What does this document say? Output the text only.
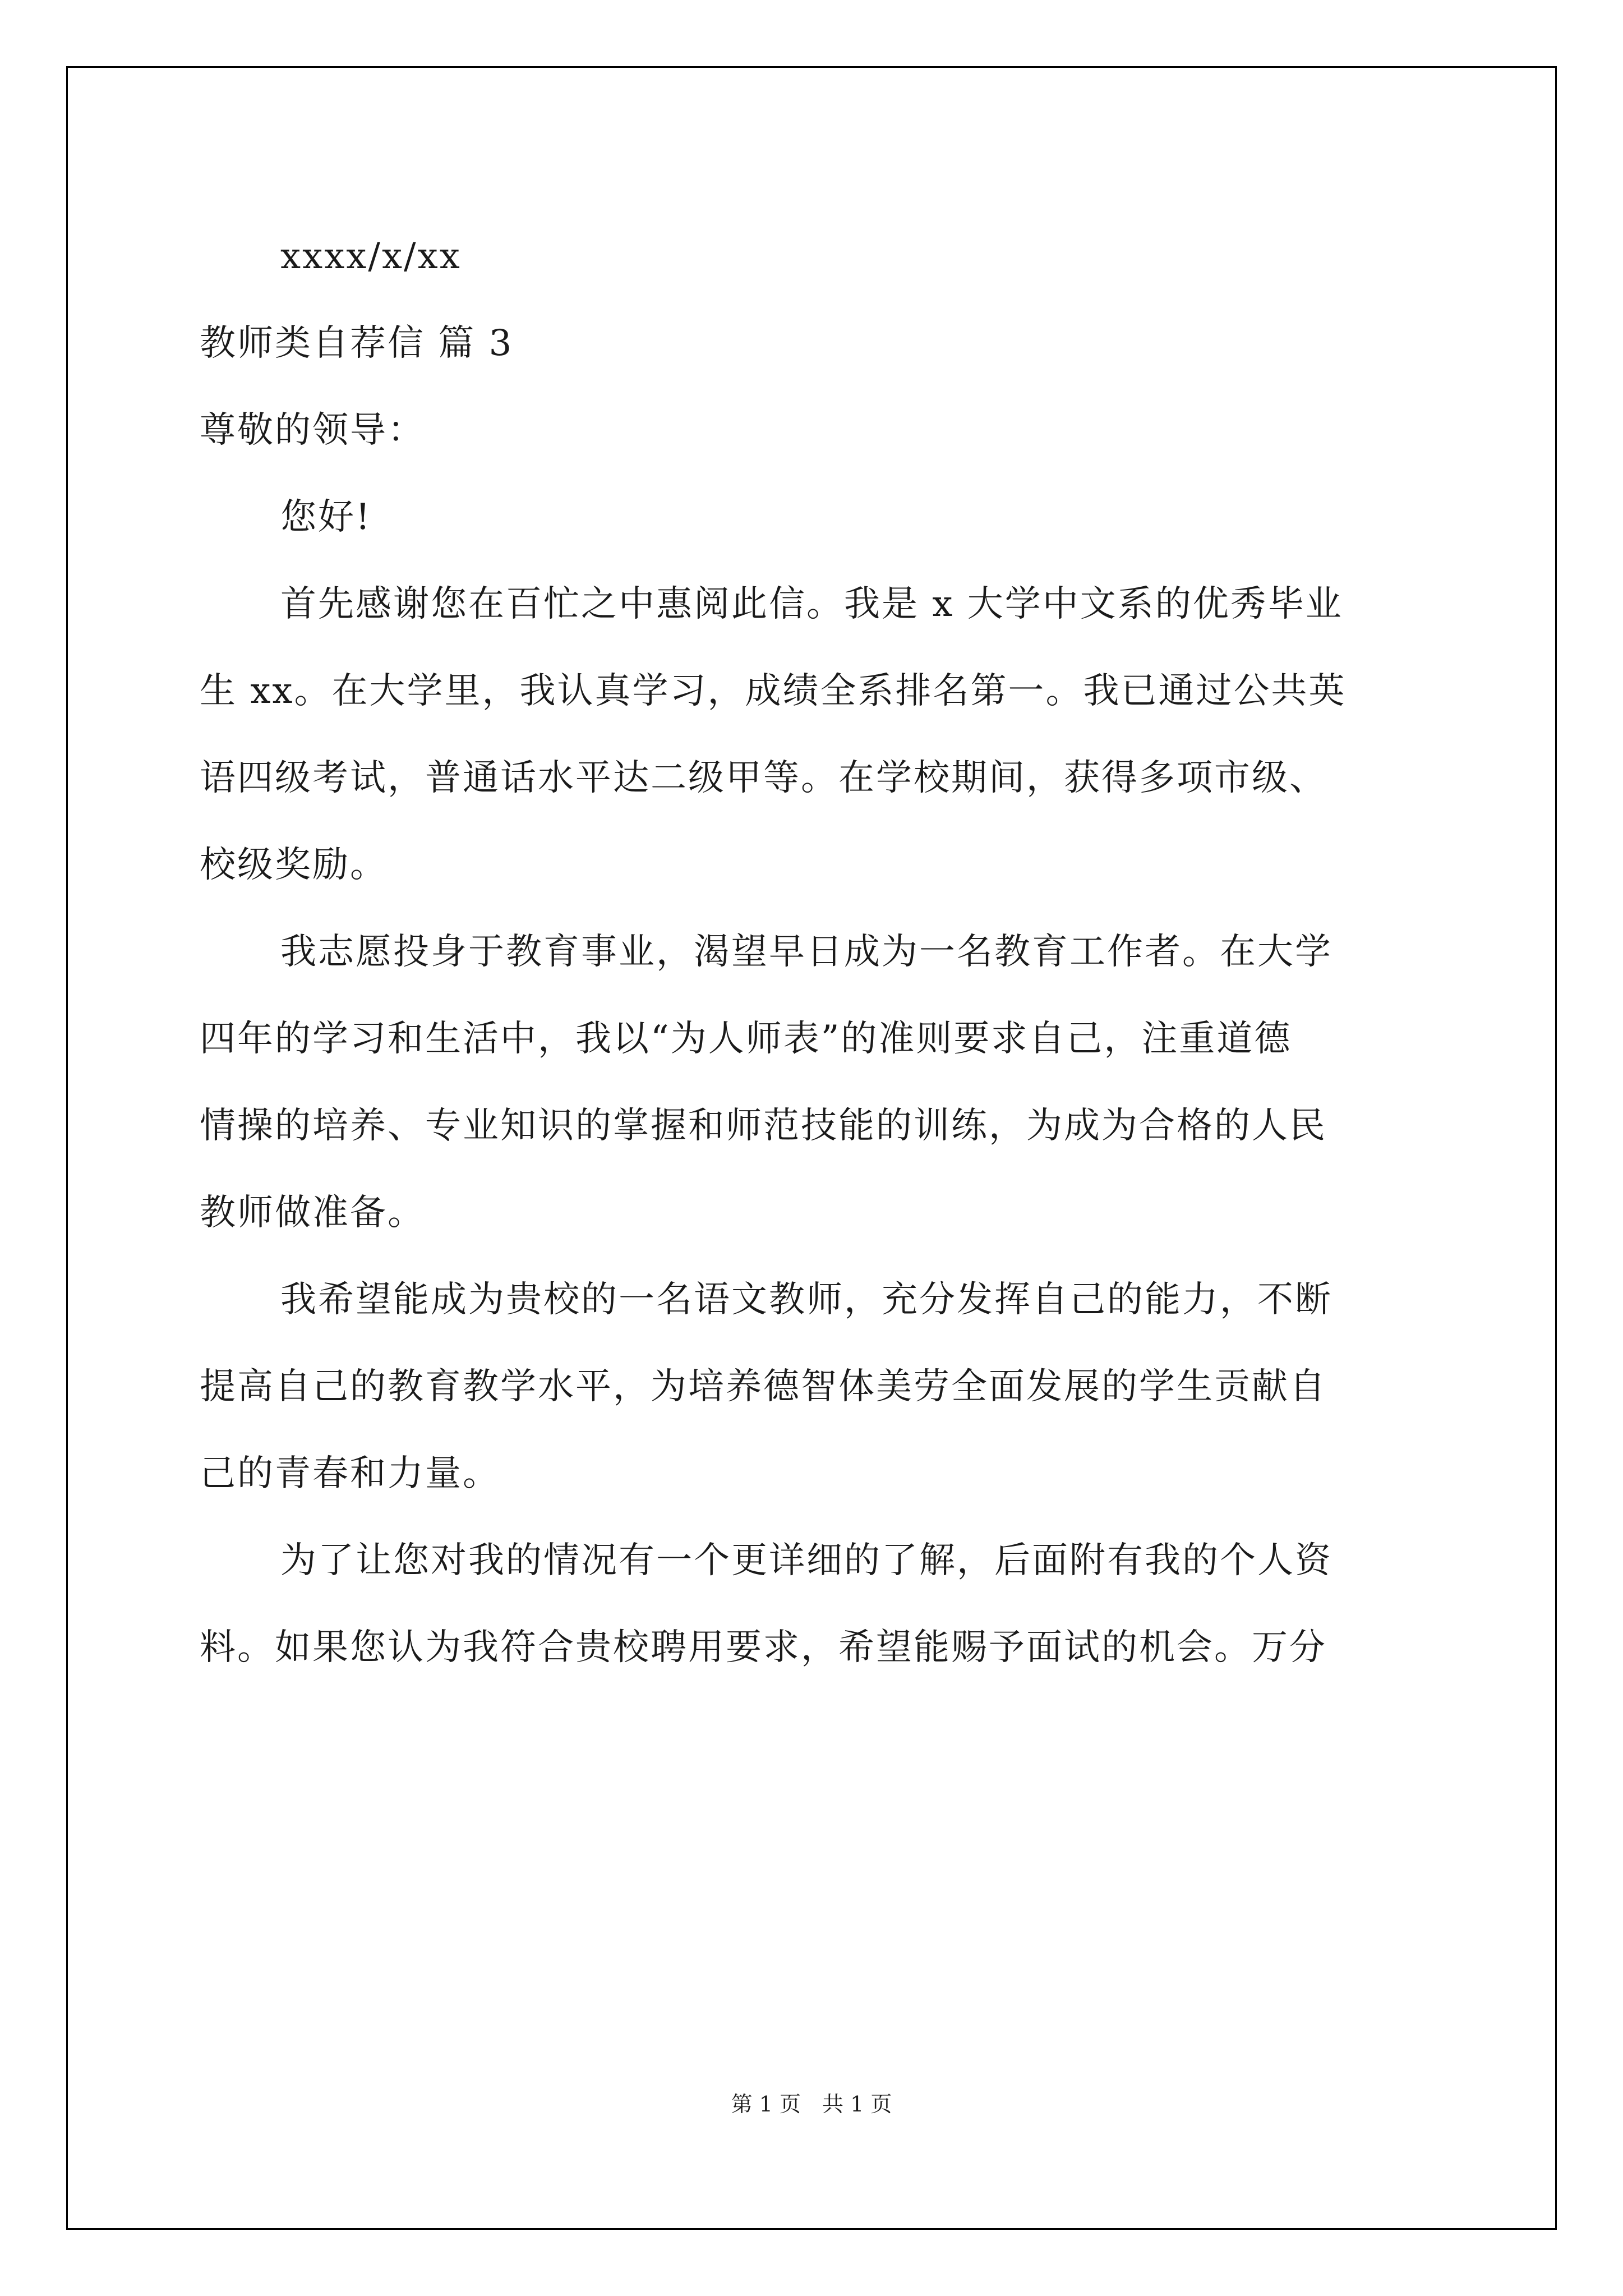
xxxx/x/xx
教师类自荐信 篇 3
尊敬的领导：
您好!
首先感谢您在百忙之中惠阅此信。我是 x 大学中文系的优秀毕业
生 xx。在大学里，我认真学习，成绩全系排名第一。我已通过公共英
语四级考试，普通话水平达二级甲等。在学校期间，获得多项市级、
校级奖励。
我志愿投身于教育事业，渴望早日成为一名教育工作者。在大学
四年的学习和生活中，我以“为人师表”的准则要求自己，注重道德
情操的培养、专业知识的掌握和师范技能的训练，为成为合格的人民
教师做准备。
我希望能成为贵校的一名语文教师，充分发挥自己的能力，不断
提高自己的教育教学水平，为培养德智体美劳全面发展的学生贡献自
己的青春和力量。
为了让您对我的情况有一个更详细的了解，后面附有我的个人资
料。如果您认为我符合贵校聘用要求，希望能赐予面试的机会。万分
第 1 页　共 1 页
